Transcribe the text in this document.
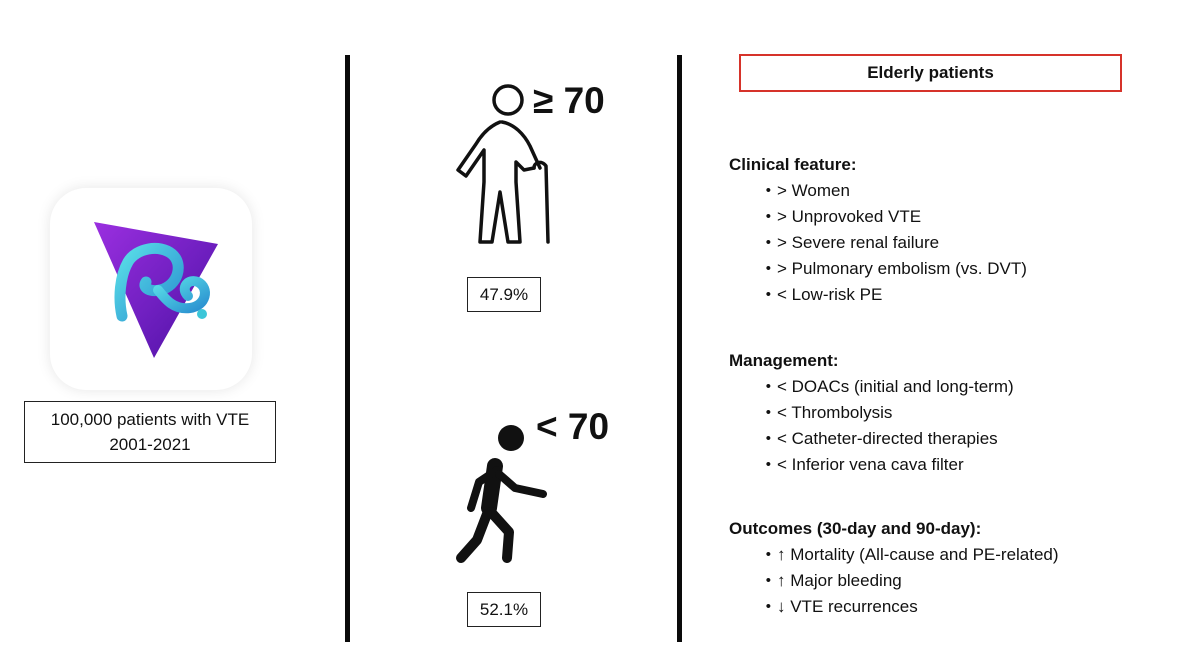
100,000 patients with VTE
2001-2021
≥ 70
47.9%
< 70
52.1%
Elderly patients
Clinical feature:
• > Women
• > Unprovoked VTE
• > Severe renal failure
• > Pulmonary embolism (vs. DVT)
• < Low-risk PE
Management:
• < DOACs (initial and long-term)
• < Thrombolysis
• < Catheter-directed therapies
• < Inferior vena cava filter
Outcomes (30-day and 90-day):
• ↑ Mortality (All-cause and PE-related)
• ↑ Major bleeding
• ↓ VTE recurrences
